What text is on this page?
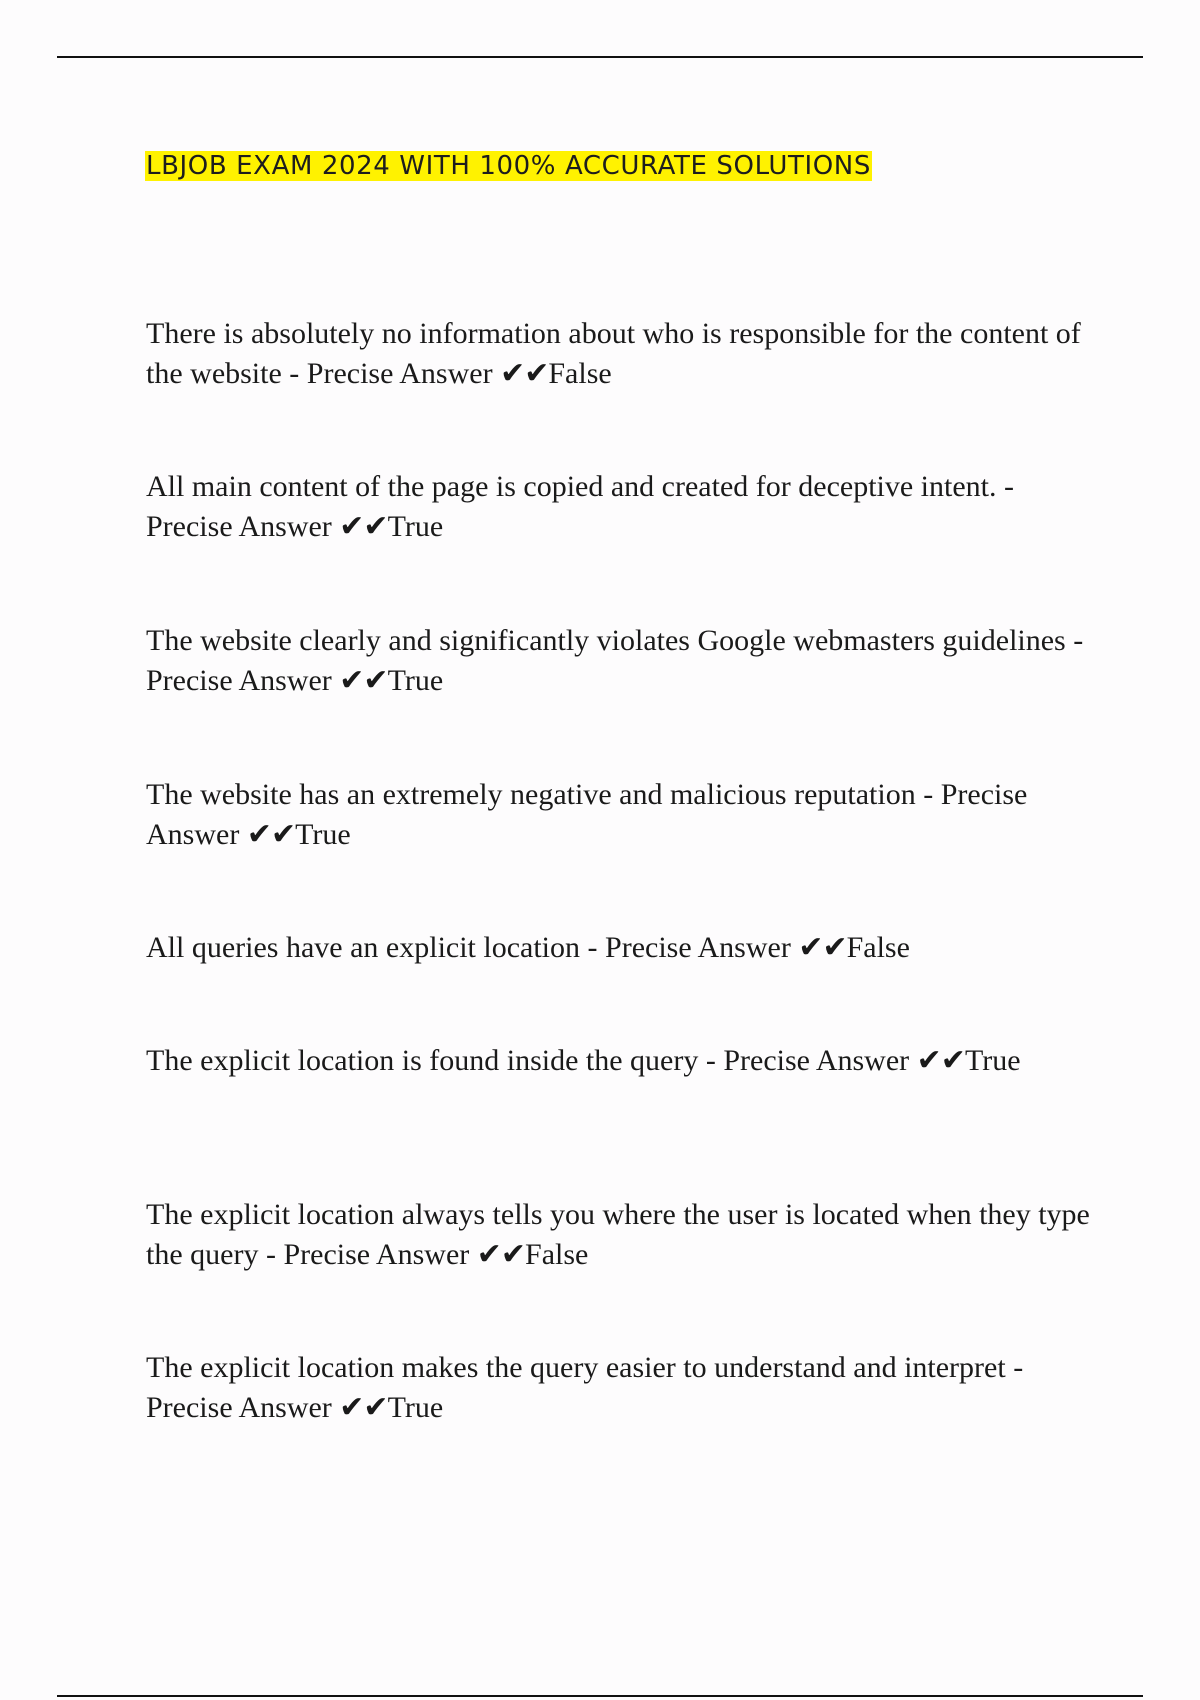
LBJOB EXAM 2024 WITH 100% ACCURATE SOLUTIONS

There is absolutely no information about who is responsible for the content of the website - Precise Answer ✔✔False

All main content of the page is copied and created for deceptive intent. - Precise Answer ✔✔True

The website clearly and significantly violates Google webmasters guidelines - Precise Answer ✔✔True

The website has an extremely negative and malicious reputation - Precise Answer ✔✔True

All queries have an explicit location - Precise Answer ✔✔False

The explicit location is found inside the query - Precise Answer ✔✔True

The explicit location always tells you where the user is located when they type the query - Precise Answer ✔✔False

The explicit location makes the query easier to understand and interpret - Precise Answer ✔✔True
